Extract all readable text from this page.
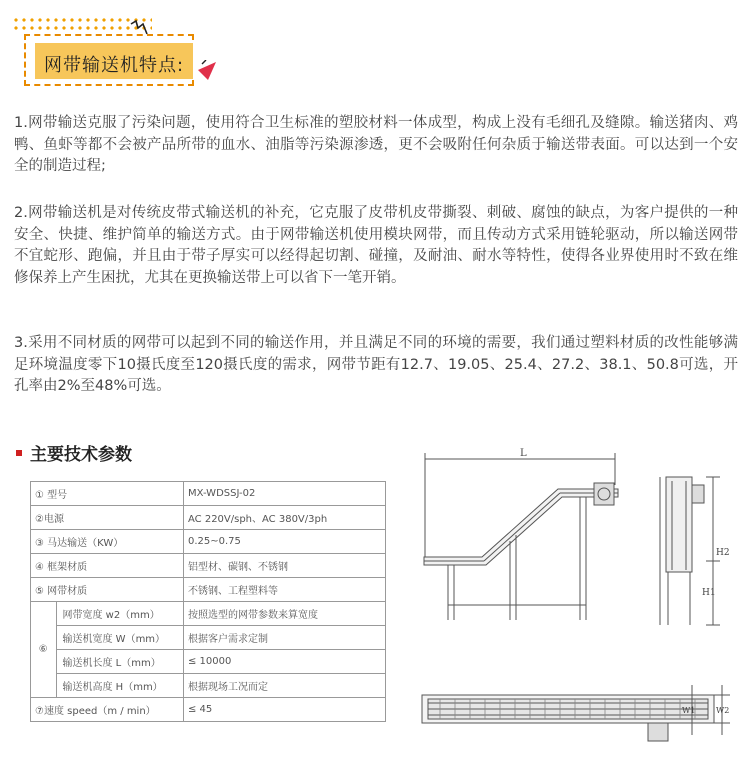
网带输送机特点:
1.网带输送克服了污染问题，使用符合卫生标准的塑胶材料一体成型，构成上没有毛细孔及缝隙。输送猪肉、鸡鸭、鱼虾等都不会被产品所带的血水、油脂等污染源渗透，更不会吸附任何杂质于输送带表面。可以达到一个安全的制造过程;
2.网带输送机是对传统皮带式输送机的补充，它克服了皮带机皮带撕裂、刺破、腐蚀的缺点，为客户提供的一种安全、快捷、维护简单的输送方式。由于网带输送机使用模块网带，而且传动方式采用链轮驱动，所以输送网带不宜蛇形、跑偏，并且由于带子厚实可以经得起切割、碰撞，及耐油、耐水等特性，使得各业界使用时不致在维修保养上产生困扰，尤其在更换输送带上可以省下一笔开销。
3.采用不同材质的网带可以起到不同的输送作用，并且满足不同的环境的需要，我们通过塑料材质的改性能够满足环境温度零下10摄氏度至120摄氏度的需求，网带节距有12.7、19.05、25.4、27.2、38.1、50.8可选，开孔率由2%至48%可选。
主要技术参数
① 型号		MX-WDSSJ-02
②电源		AC 220V/sph、AC 380V/3ph
③ 马达输送（KW）		0.25~0.75
④ 框架材质		铝型材、碳钢、不锈钢
⑤ 网带材质		不锈钢、工程塑料等
⑥	网带宽度 w2（mm）	按照选型的网带参数来算宽度
	输送机宽度 W（mm）	根据客户需求定制
	输送机长度 L（mm）	≤ 10000
	输送机高度 H（mm）	根据现场工况而定
⑦速度 speed（m / min）		≤ 45
L
H1
H2
W1	W2
